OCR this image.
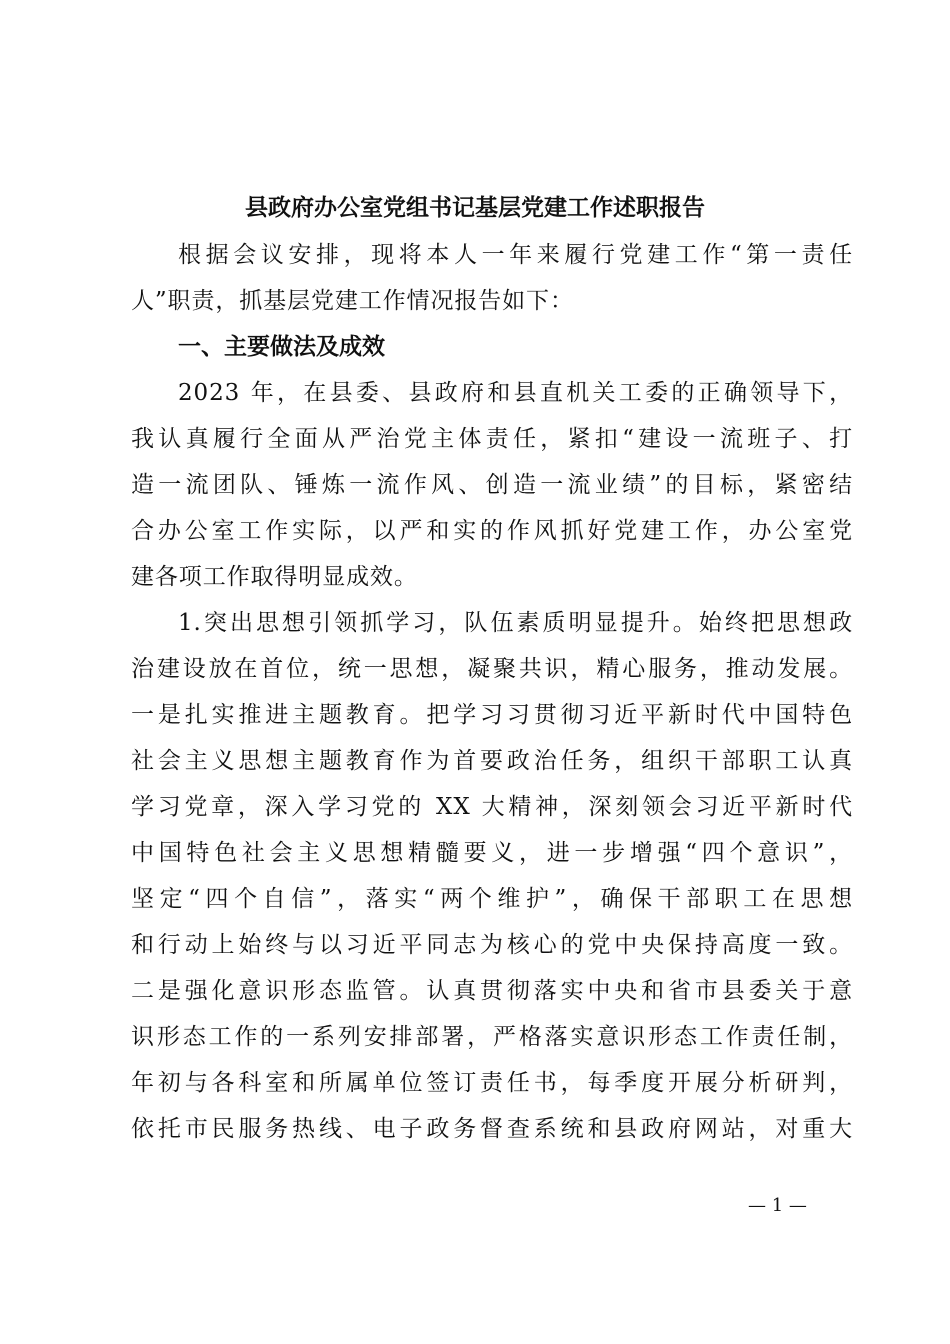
县政府办公室党组书记基层党建工作述职报告
根据会议安排，现将本人一年来履行党建工作“第一责任
人”职责，抓基层党建工作情况报告如下：
一、主要做法及成效
2023 年，在县委、县政府和县直机关工委的正确领导下，
我认真履行全面从严治党主体责任，紧扣“建设一流班子、打
造一流团队、锤炼一流作风、创造一流业绩”的目标，紧密结
合办公室工作实际，以严和实的作风抓好党建工作，办公室党
建各项工作取得明显成效。
1.突出思想引领抓学习，队伍素质明显提升。始终把思想政
治建设放在首位，统一思想，凝聚共识，精心服务，推动发展。
一是扎实推进主题教育。把学习习贯彻习近平新时代中国特色
社会主义思想主题教育作为首要政治任务，组织干部职工认真
学习党章，深入学习党的 XX 大精神，深刻领会习近平新时代
中国特色社会主义思想精髓要义，进一步增强“四个意识”，
坚定“四个自信”，落实“两个维护”，确保干部职工在思想
和行动上始终与以习近平同志为核心的党中央保持高度一致。
二是强化意识形态监管。认真贯彻落实中央和省市县委关于意
识形态工作的一系列安排部署，严格落实意识形态工作责任制，
年初与各科室和所属单位签订责任书，每季度开展分析研判，
依托市民服务热线、电子政务督查系统和县政府网站，对重大
— 1 —
